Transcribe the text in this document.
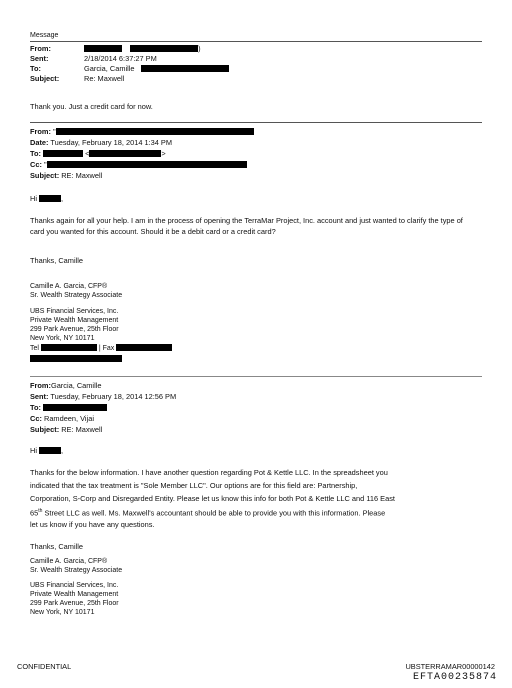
Message
From:	)
Sent:	2/18/2014 6:37:27 PM
To:	Garcia, Camille
Subject:	Re: Maxwell
Thank you. Just a credit card for now.
From: "
Date: Tuesday, February 18, 2014 1:34 PM
To:	<	>
Cc: "
Subject: RE: Maxwell
Hi	,
Thanks again for all your help. I am in the process of opening the TerraMar Project, Inc. account and just wanted to clarify the type of card you wanted for this account. Should it be a debit card or a credit card?
Thanks, Camille
Camille A. Garcia, CFP®
Sr. Wealth Strategy Associate
UBS Financial Services, Inc.
Private Wealth Management
299 Park Avenue, 25th Floor
New York, NY 10171
Tel	| Fax
From:Garcia, Camille
Sent: Tuesday, February 18, 2014 12:56 PM
To:
Cc: Ramdeen, Vijai
Subject: RE: Maxwell
Hi	,
Thanks for the below information. I have another question regarding Pot & Kettle LLC. In the spreadsheet you
indicated that the tax treatment is "Sole Member LLC". Our options are for this field are: Partnership,
Corporation, S-Corp and Disregarded Entity. Please let us know this info for both Pot & Kettle LLC and 116 East
65th Street LLC as well. Ms. Maxwell's accountant should be able to provide you with this information. Please
let us know if you have any questions.
Thanks, Camille
Camille A. Garcia, CFP®
Sr. Wealth Strategy Associate
UBS Financial Services, Inc.
Private Wealth Management
299 Park Avenue, 25th Floor
New York, NY 10171
CONFIDENTIAL	UBSTERRAMAR00000142
EFTA00235874
